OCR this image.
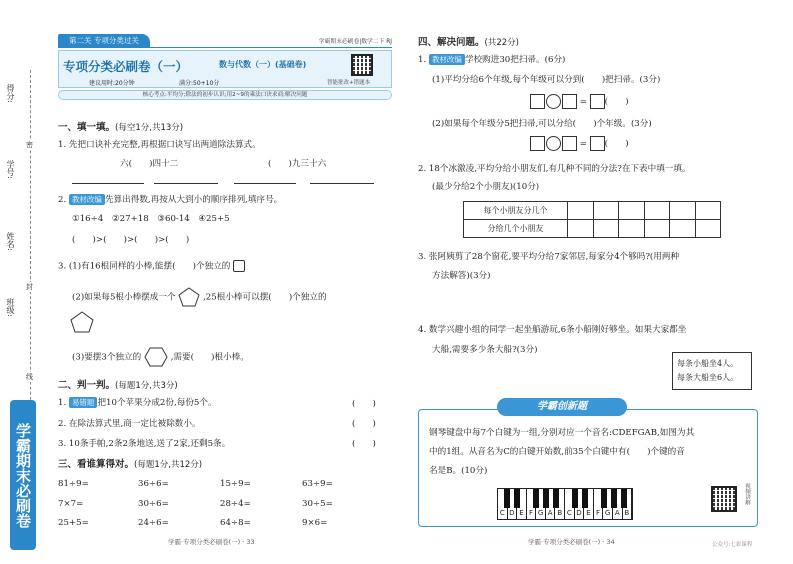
得分:
学号:
姓名:
班级:
密
封
线
学霸期末必刷卷
学霸期末必刷卷|数学二下 RJ
第二关 专项分类过关
专项分类必刷卷（一）	数与代数（一）(基础卷)
建议用时:20分钟	满分:50+10分	智能批改+错题本
核心考点:平均分;除法的初步认识;用2~9的乘法口诀求商;解决问题
一、填一填。(每空1分,共13分)
1. 先把口诀补充完整,再根据口诀写出两道除法算式。
六(　　)四十二	(　　)九三十六
2. 教材改编 先算出得数,再按从大到小的顺序排列,填序号。
①16÷4　②27+18　③60-14　④25+5
(　　)>(　　)>(　　)>(　　)
3. (1)有16根同样的小棒,能摆(　　)个独立的
(2)如果每5根小棒摆成一个	,25根小棒可以摆(　　)个独立的
(3)要摆3个独立的	,需要(　　)根小棒。
二、判一判。(每题1分,共3分)
1. 易错题 把10个苹果分成2份,每份5个。	(　　)
2. 在除法算式里,商一定比被除数小。	(　　)
3. 10条手帕,2条2条地送,送了2家,还剩5条。	(　　)
三、看谁算得对。(每题1分,共12分)
81÷9=	36÷6=	15÷9=	63÷9=
7×7=	30÷6=	28÷4=	30÷5=
25+5=	24÷6=	64÷8=	9×6=
学霸·专项分类必刷卷(一) · 33
四、解决问题。(共22分)
1. 教材改编 学校购进30把扫帚。(6分)
(1)平均分给6个年级,每个年级可以分到(　　)把扫帚。(3分)
= (　　)
(2)如果每个年级分5把扫帚,可以分给(　　)个年级。(3分)
= (　　)
2. 18个冰激凌,平均分给小朋友们,有几种不同的分法?在下表中填一填。
(最少分给2个小朋友)(10分)
每个小朋友分几个						
分给几个小朋友						
3. 张阿姨剪了28个窗花,要平均分给7家邻居,每家分4个够吗?(用两种
方法解答)(3分)
4. 数学兴趣小组的同学一起坐船游玩,6条小船刚好够坐。如果大家都坐
大船,需要多少条大船?(3分)
每条小船坐4人。
每条大船坐6人。
钢琴键盘中每7个白键为一组,分别对应一个音名:CDEFGAB,如图为其
中的1组。从音名为C的白键开始数,前35个白键中有(　　)个键的音
名是B。(10分)
视频讲解
学霸创新题
C D E F G A B C D E F G A B
学霸·专项分类必刷卷(一) · 34	公众号:七彩课程
